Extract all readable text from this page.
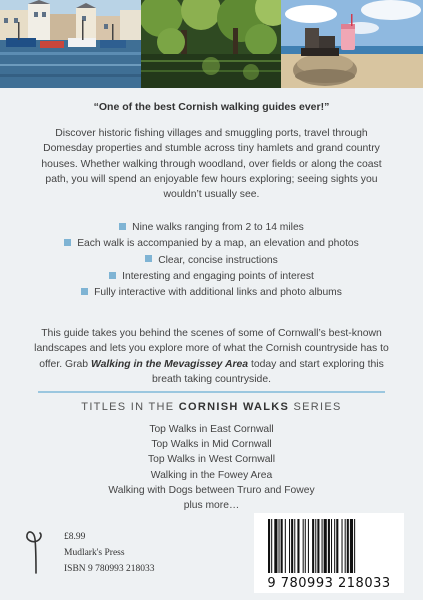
“One of the best Cornish walking guides ever!”
Discover historic fishing villages and smuggling ports, travel through Domesday properties and stumble across tiny hamlets and grand country houses. Whether walking through woodland, over fields or along the coast path, you will spend an enjoyable few hours exploring; seeing sights you wouldn’t usually see.
Nine walks ranging from 2 to 14 miles
Each walk is accompanied by a map, an elevation and photos
Clear, concise instructions
Interesting and engaging points of interest
Fully interactive with additional links and photo albums
This guide takes you behind the scenes of some of Cornwall’s best-known landscapes and lets you explore more of what the Cornish countryside has to offer. Grab Walking in the Mevagissey Area today and start exploring this breath taking countryside.
TITLES IN THE CORNISH WALKS SERIES
Top Walks in East Cornwall
Top Walks in Mid Cornwall
Top Walks in West Cornwall
Walking in the Fowey Area
Walking with Dogs between Truro and Fowey
plus more…
£8.99
Mudlark's Press
ISBN 9 780993 218033
9 780993 218033
